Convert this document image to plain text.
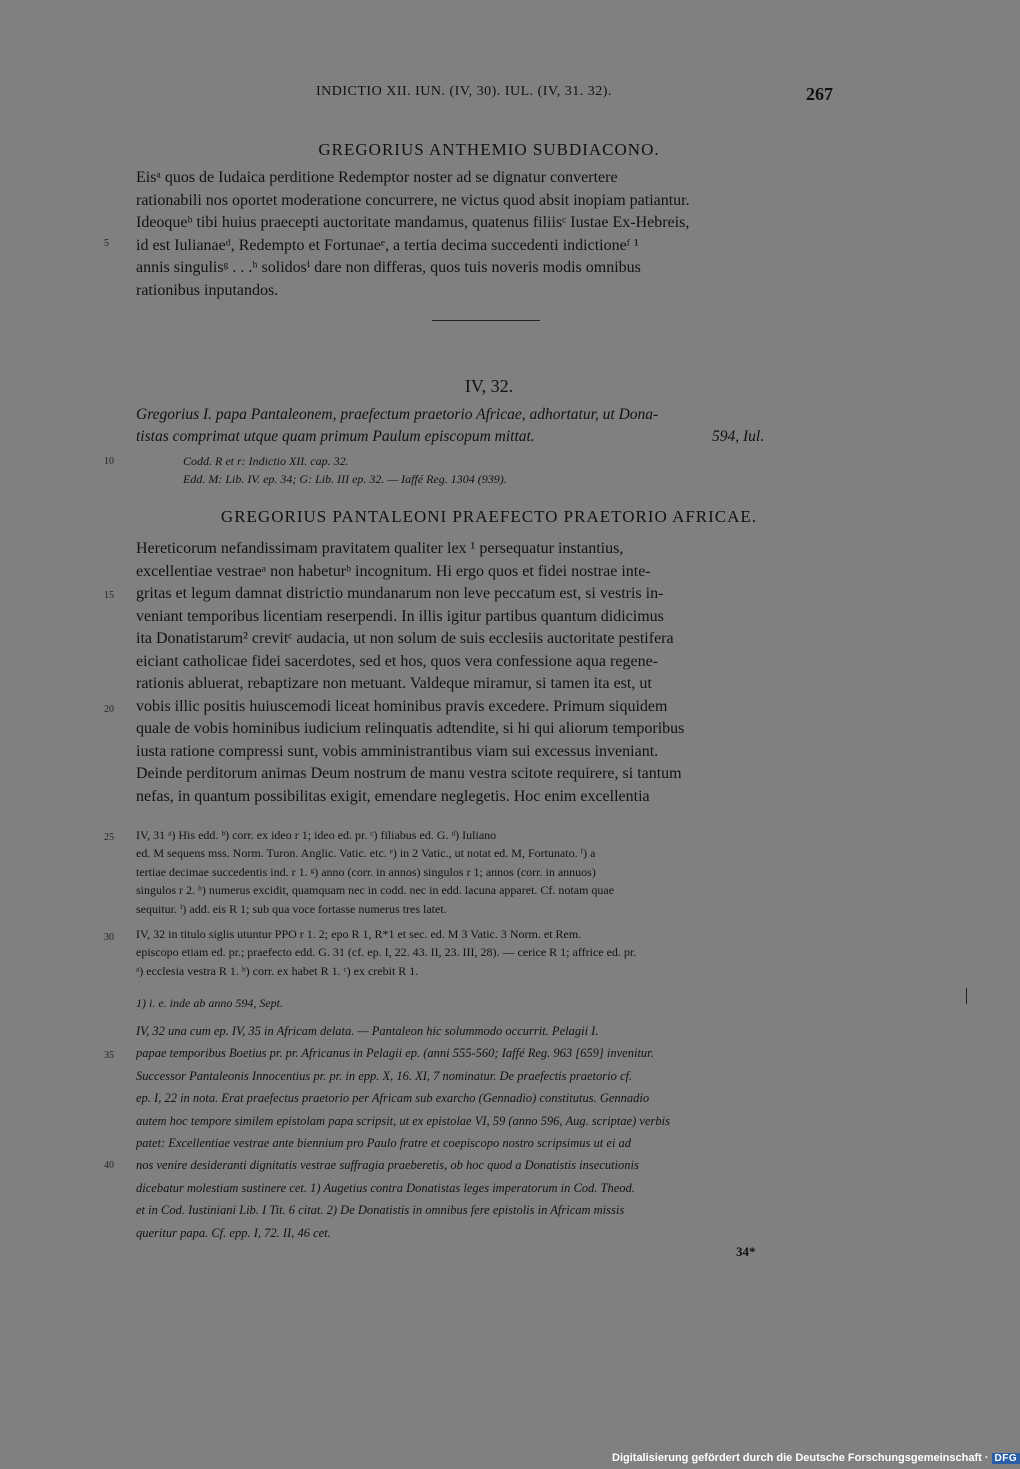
INDICTIO XII. IUN. (IV, 30). IUL. (IV, 31. 32).	267
GREGORIUS ANTHEMIO SUBDIACONO.
Eisᵃ quos de Iudaica perditione Redemptor noster ad se dignatur convertere
rationabili nos oportet moderatione concurrere, ne victus quod absit inopiam patiantur.
Ideoqueᵇ tibi huius praecepti auctoritate mandamus, quatenus filiisᶜ Iustae Ex-Hebreis,
id est Iulianaeᵈ, Redempto et Fortunaeᵉ, a tertia decima succedenti indictioneᶠ ¹
annis singulisᵍ . . .ʰ solidosⁱ dare non differas, quos tuis noveris modis omnibus
rationibus inputandos.
5
IV, 32.
Gregorius I. papa Pantaleonem, praefectum praetorio Africae, adhortatur, ut Dona-
tistas comprimat utque quam primum Paulum episcopum mittat.	594, Iul.
10	Codd. R et r: Indictio XII. cap. 32.
Edd. M: Lib. IV. ep. 34; G: Lib. III ep. 32. — Iaffé Reg. 1304 (939).
GREGORIUS PANTALEONI PRAEFECTO PRAETORIO AFRICAE.
Hereticorum nefandissimam pravitatem qualiter lex ¹ persequatur instantius,
excellentiae vestraeᵃ non habeturᵇ incognitum. Hi ergo quos et fidei nostrae inte-
gritas et legum damnat districtio mundanarum non leve peccatum est, si vestris in-
veniant temporibus licentiam reserpendi. In illis igitur partibus quantum didicimus
ita Donatistarum² crevitᶜ audacia, ut non solum de suis ecclesiis auctoritate pestifera
eiciant catholicae fidei sacerdotes, sed et hos, quos vera confessione aqua regene-
rationis abluerat, rebaptizare non metuant. Valdeque miramur, si tamen ita est, ut
vobis illic positis huiuscemodi liceat hominibus pravis excedere. Primum siquidem
quale de vobis hominibus iudicium relinquatis adtendite, si hi qui aliorum temporibus
iusta ratione compressi sunt, vobis amministrantibus viam sui excessus inveniant.
Deinde perditorum animas Deum nostrum de manu vestra scitote requirere, si tantum
nefas, in quantum possibilitas exigit, emendare neglegetis. Hoc enim excellentia
15
20
25 IV, 31 ᵃ) His edd. ᵇ) corr. ex ideo r 1; ideo ed. pr. ᶜ) filiabus ed. G. ᵈ) Iuliano
ed. M sequens mss. Norm. Turon. Anglic. Vatic. etc. ᵉ) in 2 Vatic., ut notat ed. M, Fortunato. ᶠ) a
tertiae decimae succedentis ind. r 1. ᵍ) anno (corr. in annos) singulos r 1; annos (corr. in annuos)
singulos r 2. ʰ) numerus excidit, quamquam nec in codd. nec in edd. lacuna apparet. Cf. notam quae
sequitur. ⁱ) add. eis R 1; sub qua voce fortasse numerus tres latet.
30 IV, 32 in titulo siglis utuntur PPO r 1. 2; epo R 1, R*1 et sec. ed. M 3 Vatic. 3 Norm. et Rem.
episcopo etiam ed. pr.; praefecto edd. G. 31 (cf. ep. I, 22. 43. II, 23. III, 28). — cerice R 1; affrice ed. pr.
ᵃ) ecclesia vestra R 1. ᵇ) corr. ex habet R 1. ᶜ) ex crebit R 1.
1) i. e. inde ab anno 594, Sept.
35
40
IV, 32 una cum ep. IV, 35 in Africam delata. — Pantaleon hic solummodo occurrit. Pelagii I.
papae temporibus Boetius pr. pr. Africanus in Pelagii ep. (anni 555-560; Iaffé Reg. 963 [659] invenitur.
Successor Pantaleonis Innocentius pr. pr. in epp. X, 16. XI, 7 nominatur. De praefectis praetorio cf.
ep. I, 22 in nota. Erat praefectus praetorio per Africam sub exarcho (Gennadio) constitutus. Gennadio
autem hoc tempore similem epistolam papa scripsit, ut ex epistolae VI, 59 (anno 596, Aug. scriptae) verbis
patet: Excellentiae vestrae ante biennium pro Paulo fratre et coepiscopo nostro scripsimus ut ei ad
nos venire desideranti dignitatis vestrae suffragia praeberetis, ob hoc quod a Donatistis insecutionis
dicebatur molestiam sustinere cet. 1) Augetius contra Donatistas leges imperatorum in Cod. Theod.
et in Cod. Iustiniani Lib. I Tit. 6 citat. 2) De Donatistis in omnibus fere epistolis in Africam missis
queritur papa. Cf. epp. I, 72. II, 46 cet.
34*
Digitalisierung gefördert durch die Deutsche Forschungsgemeinschaft · DFG
